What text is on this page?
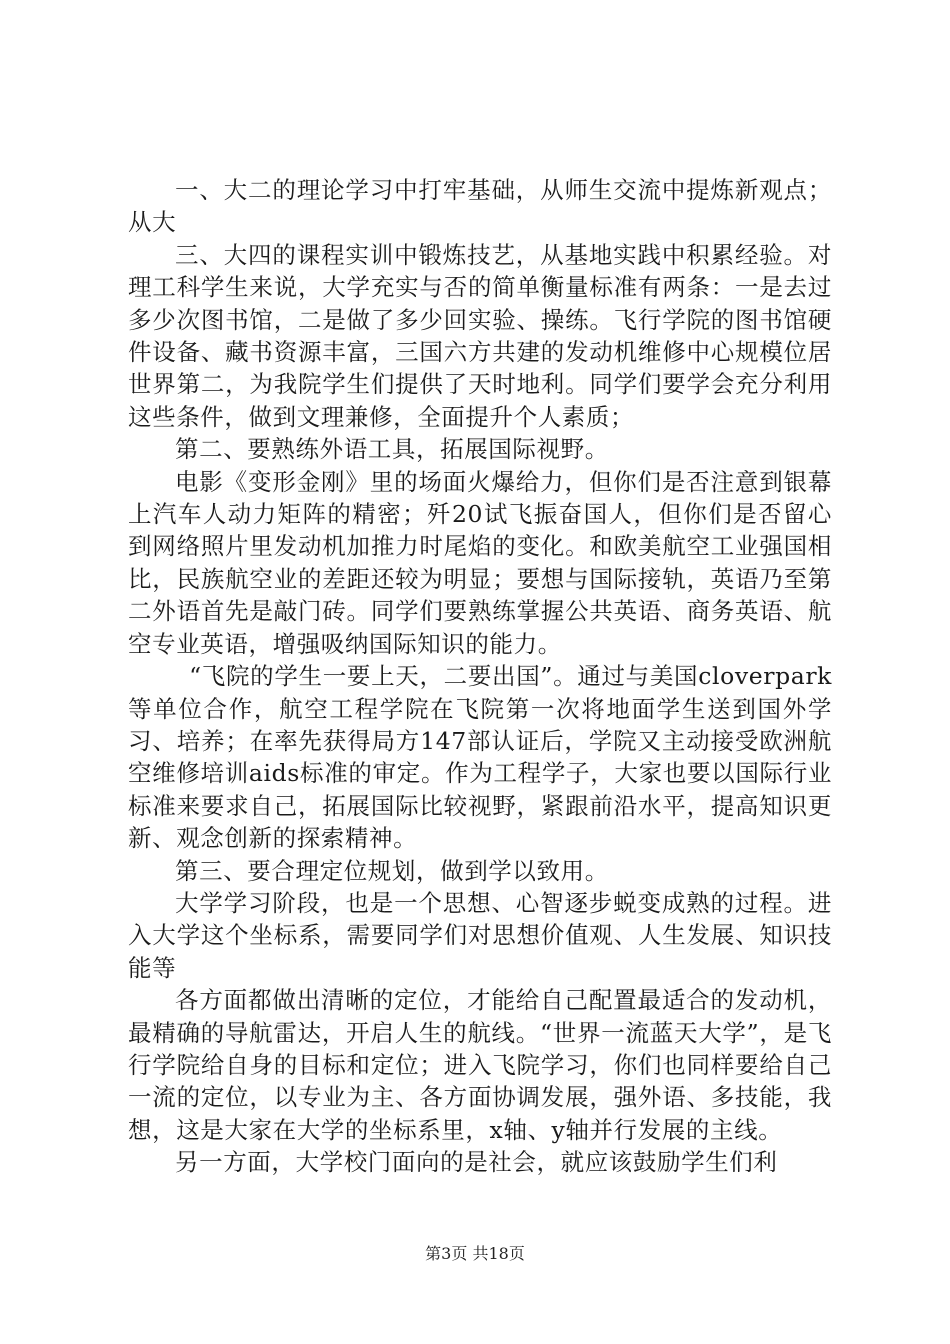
一、大二的理论学习中打牢基础，从师生交流中提炼新观点；从大

三、大四的课程实训中锻炼技艺，从基地实践中积累经验。对理工科学生来说，大学充实与否的简单衡量标准有两条：一是去过多少次图书馆，二是做了多少回实验、操练。飞行学院的图书馆硬件设备、藏书资源丰富，三国六方共建的发动机维修中心规模位居世界第二，为我院学生们提供了天时地利。同学们要学会充分利用这些条件，做到文理兼修，全面提升个人素质；

第二、要熟练外语工具，拓展国际视野。

电影《变形金刚》里的场面火爆给力，但你们是否注意到银幕上汽车人动力矩阵的精密；歼20试飞振奋国人，但你们是否留心到网络照片里发动机加推力时尾焰的变化。和欧美航空工业强国相比，民族航空业的差距还较为明显；要想与国际接轨，英语乃至第二外语首先是敲门砖。同学们要熟练掌握公共英语、商务英语、航空专业英语，增强吸纳国际知识的能力。

“飞院的学生一要上天，二要出国”。通过与美国cloverpark等单位合作，航空工程学院在飞院第一次将地面学生送到国外学习、培养；在率先获得局方147部认证后，学院又主动接受欧洲航空维修培训aids标准的审定。作为工程学子，大家也要以国际行业标准来要求自己，拓展国际比较视野，紧跟前沿水平，提高知识更新、观念创新的探索精神。

第三、要合理定位规划，做到学以致用。

大学学习阶段，也是一个思想、心智逐步蜕变成熟的过程。进入大学这个坐标系，需要同学们对思想价值观、人生发展、知识技能等

各方面都做出清晰的定位，才能给自己配置最适合的发动机，最精确的导航雷达，开启人生的航线。“世界一流蓝天大学”，是飞行学院给自身的目标和定位；进入飞院学习，你们也同样要给自己一流的定位，以专业为主、各方面协调发展，强外语、多技能，我想，这是大家在大学的坐标系里，x轴、y轴并行发展的主线。

另一方面，大学校门面向的是社会，就应该鼓励学生们利

第3页 共18页
